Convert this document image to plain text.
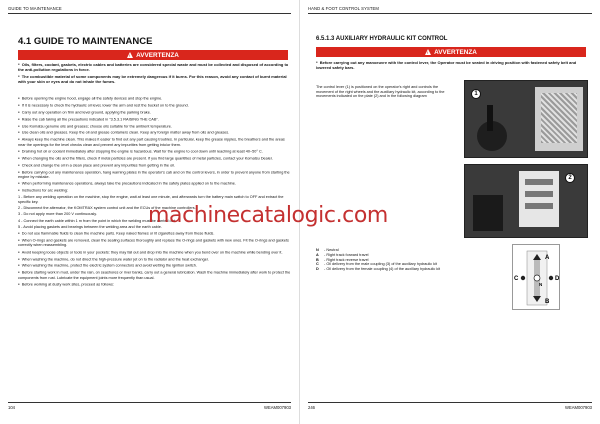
GUIDE TO MAINTENANCE
4.1 GUIDE TO MAINTENANCE
!
AVVERTENZA

● Oils, filters, coolant, gaskets, electric cables and batteries are considered special waste and must be collected and disposed of according to the anti-pollution regulations in force.

● The combustible material of some components may be extremely dangerous if it burns. For this reason, avoid any contact of burnt material with your skin or eyes and do not inhale the fumes.

● Before opening the engine hood, engage all the safety devices and stop the engine.

● If it is necessary to check the hydraulic oil level, lower the arm and rest the bucket on to the ground.

● Carry out any operation on firm and level ground, applying the parking brake.

● Raise the cab taking all the precautions indicated in "3.5.3.1 RAISING THE CAB".

● Use Komatsu genuine oils and greases; choose oils suitable for the ambient temperature.

● Use clean oils and greases. Keep the oil and grease containers clean. Keep any foreign matter away from oils and greases.

● Always keep the machine clean. This makes it easier to find out any part causing troubles. In particular, keep the grease nipples, the breathers and the areas near the openings for the level checks clean and prevent any impurities from getting into/or them.

● Draining hot oil or coolant immediately after stopping the engine is hazardous. Wait for the engine to cool down until reaching at least 40~50° C.

● When changing the oils and the filters, check if metal particles are present. If you find large quantities of metal particles, contact your Komatsu Dealer.

● Check and change the oil in a clean place and prevent any impurities from getting in the oil.

● Before carrying out any maintenance operation, hang warning plates in the operator's cab and on the control levers, in order to prevent anyone from starting the engine by mistake.

● When performing maintenance operations, always take the precautions indicated in the safety plates applied on to the machine.

● Instructions for arc welding:

1 - Before any welding operation on the machine, stop the engine, wait at least one minute, and afterwards turn the battery main switch to OFF and extract the specific key.

2 - Disconnect the alternator, the KOMTRAX system control unit and the ECUs of the machine controllers.

3 - Do not apply more than 200 V continuously.

4 - Connect the earth cable within 1 m from the point in which the welding must be carried out.

5 - Avoid placing gaskets and bearings between the welding area and the earth cable.

● Do not use flammable fluids to clean the machine parts. Keep naked flames or lit cigarettes away from these fluids.

● When O-rings and gaskets are removed, clean the sealing surfaces thoroughly and replace the O-rings and gaskets with new ones. Fit the O-rings and gaskets correctly when reassembling.

● Avoid keeping loose objects or tools in your pockets: they may fall out and drop into the machine when you bend over on the machine while bending over it.

● When washing the machine, do not direct the high-pressure water jet on to the radiator and the heat exchanger.

● When washing the machine, protect the electric system connectors and avoid wetting the ignition switch.

● Before starting work in mud, under the rain, on seashores or river banks, carry out a general lubrication. Wash the machine immediately after work to protect the components from rust. Lubricate the equipment joints more frequently than usual.

● Before working at dusty work sites, proceed as follows:

104	WEAM007903
HAND & FOOT CONTROL SYSTEM
6.5.1.3 AUXILIARY HYDRAULIC KIT CONTROL
!
AVVERTENZA

● Before carrying out any manoeuvre with the control lever, the Operator must be seated in driving position with fastened safety belt and lowered safety bars.

The control lever (1) is positioned on the operator's right and controls the movement of the right wheels and the auxiliary hydraulic kit, according to the movements indicated on the plate (2) and in the following diagram	1
2
N	- Neutral
A	- Right track forward travel
B	- Right track reverse travel
C	- Oil delivery from the male coupling (3) of the auxiliary hydraulic kit
D	- Oil delivery from the female coupling (4) of the auxiliary hydraulic kit
A
B
C	D
N
246	WEAM007903
machinecatalogic.com
